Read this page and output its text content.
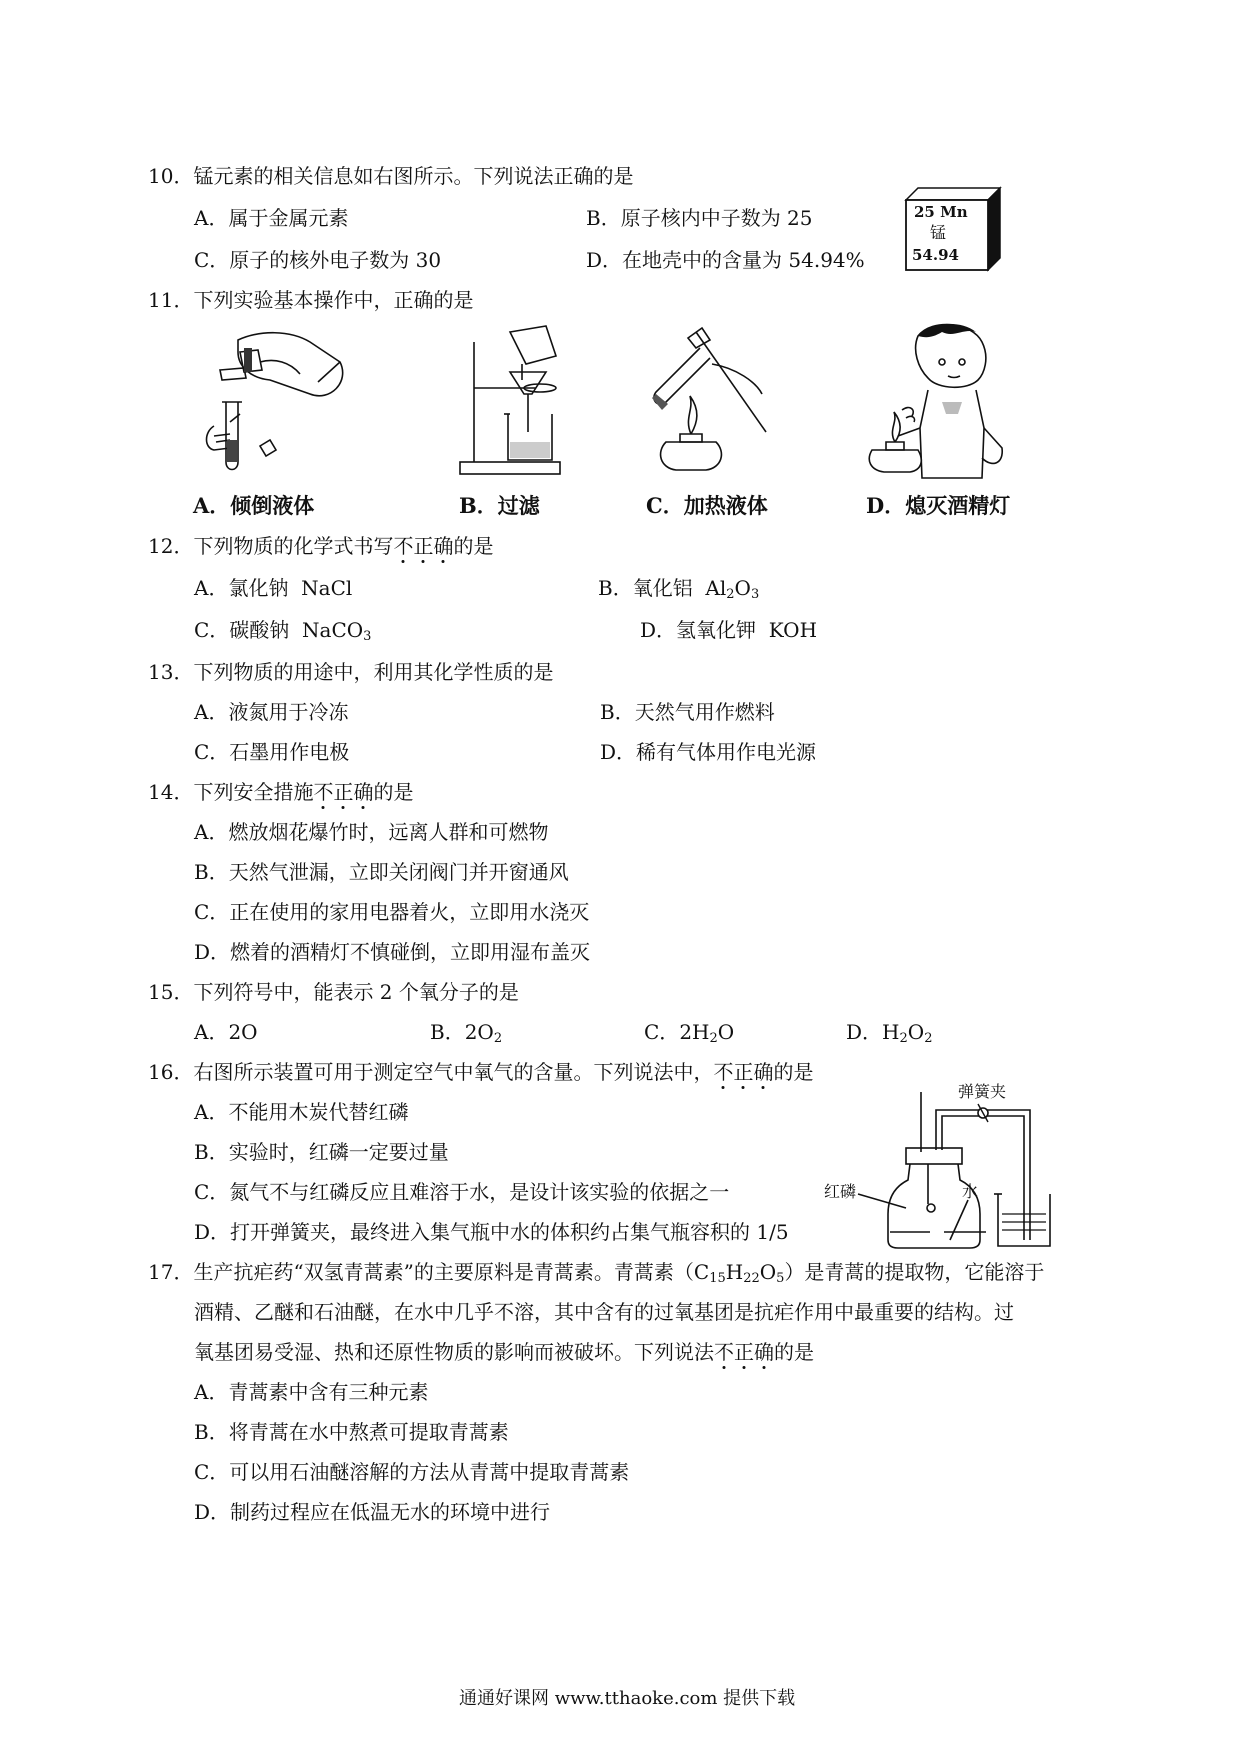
10．锰元素的相关信息如右图所示。下列说法正确的是
A．属于金属元素	B．原子核内中子数为 25
C．原子的核外电子数为 30	D．在地壳中的含量为 54.94%
25 Mn
锰
54.94
11．下列实验基本操作中，正确的是
A．倾倒液体	B．过滤	C．加热液体	D．熄灭酒精灯
12．下列物质的化学式书写不正确的是
A．氯化钠 NaCl	B．氧化铝 $Al_2O_3$
C．碳酸钠 NaCO$_3$	D．氢氧化钾 KOH
13．下列物质的用途中，利用其化学性质的是
A．液氮用于冷冻	B．天然气用作燃料
C．石墨用作电极	D．稀有气体用作电光源
14．下列安全措施不正确的是
A．燃放烟花爆竹时，远离人群和可燃物
B．天然气泄漏，立即关闭阀门并开窗通风
C．正在使用的家用电器着火，立即用水浇灭
D．燃着的酒精灯不慎碰倒，立即用湿布盖灭
15．下列符号中，能表示 2 个氧分子的是
A．2O	B．$2O_2$	C．$2H_2O$	D．$H_2O_2$
16．右图所示装置可用于测定空气中氧气的含量。下列说法中，不正确的是
A．不能用木炭代替红磷
B．实验时，红磷一定要过量
C．氮气不与红磷反应且难溶于水，是设计该实验的依据之一
D．打开弹簧夹，最终进入集气瓶中水的体积约占集气瓶容积的 1/5
弹簧夹
红磷	水
17．生产抗疟药“双氢青蒿素”的主要原料是青蒿素。青蒿素$(C_{15}H_{22}O_5)$是青蒿的提取物，它能溶于
酒精、乙醚和石油醚，在水中几乎不溶，其中含有的过氧基团是抗疟作用中最重要的结构。过
氧基团易受湿、热和还原性物质的影响而被破坏。下列说法不正确的是
A．青蒿素中含有三种元素
B．将青蒿在水中熬煮可提取青蒿素
C．可以用石油醚溶解的方法从青蒿中提取青蒿素
D．制药过程应在低温无水的环境中进行
通通好课网 www.tthaoke.com 提供下载
